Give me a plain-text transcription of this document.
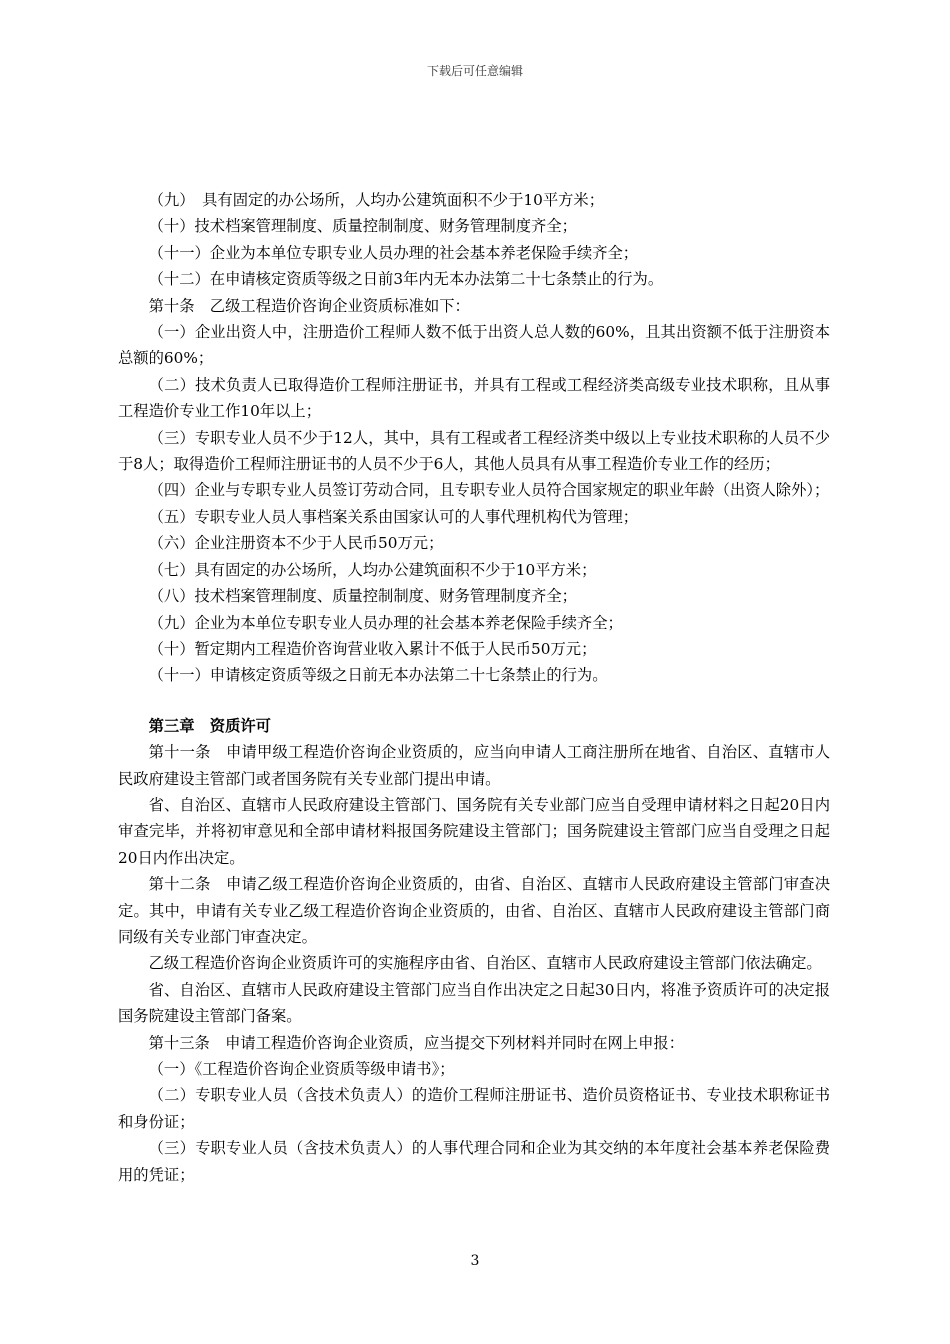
下载后可任意编辑
（九）　具有固定的办公场所，人均办公建筑面积不少于10平方米；
（十）技术档案管理制度、质量控制制度、财务管理制度齐全；
（十一）企业为本单位专职专业人员办理的社会基本养老保险手续齐全；
（十二）在申请核定资质等级之日前3年内无本办法第二十七条禁止的行为。
第十条　乙级工程造价咨询企业资质标准如下：
（一）企业出资人中，注册造价工程师人数不低于出资人总人数的60%，且其出资额不低于注册资本总额的60%；
（二）技术负责人已取得造价工程师注册证书，并具有工程或工程经济类高级专业技术职称，且从事工程造价专业工作10年以上；
（三）专职专业人员不少于12人，其中，具有工程或者工程经济类中级以上专业技术职称的人员不少于8人；取得造价工程师注册证书的人员不少于6人，其他人员具有从事工程造价专业工作的经历；
（四）企业与专职专业人员签订劳动合同，且专职专业人员符合国家规定的职业年龄（出资人除外）；
（五）专职专业人员人事档案关系由国家认可的人事代理机构代为管理；
（六）企业注册资本不少于人民币50万元；
（七）具有固定的办公场所，人均办公建筑面积不少于10平方米；
（八）技术档案管理制度、质量控制制度、财务管理制度齐全；
（九）企业为本单位专职专业人员办理的社会基本养老保险手续齐全；
（十）暂定期内工程造价咨询营业收入累计不低于人民币50万元；
（十一）申请核定资质等级之日前无本办法第二十七条禁止的行为。
第三章　资质许可
第十一条　申请甲级工程造价咨询企业资质的，应当向申请人工商注册所在地省、自治区、直辖市人民政府建设主管部门或者国务院有关专业部门提出申请。
省、自治区、直辖市人民政府建设主管部门、国务院有关专业部门应当自受理申请材料之日起20日内审查完毕，并将初审意见和全部申请材料报国务院建设主管部门；国务院建设主管部门应当自受理之日起20日内作出决定。
第十二条　申请乙级工程造价咨询企业资质的，由省、自治区、直辖市人民政府建设主管部门审查决定。其中，申请有关专业乙级工程造价咨询企业资质的，由省、自治区、直辖市人民政府建设主管部门商同级有关专业部门审查决定。
乙级工程造价咨询企业资质许可的实施程序由省、自治区、直辖市人民政府建设主管部门依法确定。
省、自治区、直辖市人民政府建设主管部门应当自作出决定之日起30日内，将准予资质许可的决定报国务院建设主管部门备案。
第十三条　申请工程造价咨询企业资质，应当提交下列材料并同时在网上申报：
（一）《工程造价咨询企业资质等级申请书》；
（二）专职专业人员（含技术负责人）的造价工程师注册证书、造价员资格证书、专业技术职称证书和身份证；
（三）专职专业人员（含技术负责人）的人事代理合同和企业为其交纳的本年度社会基本养老保险费用的凭证；
3
